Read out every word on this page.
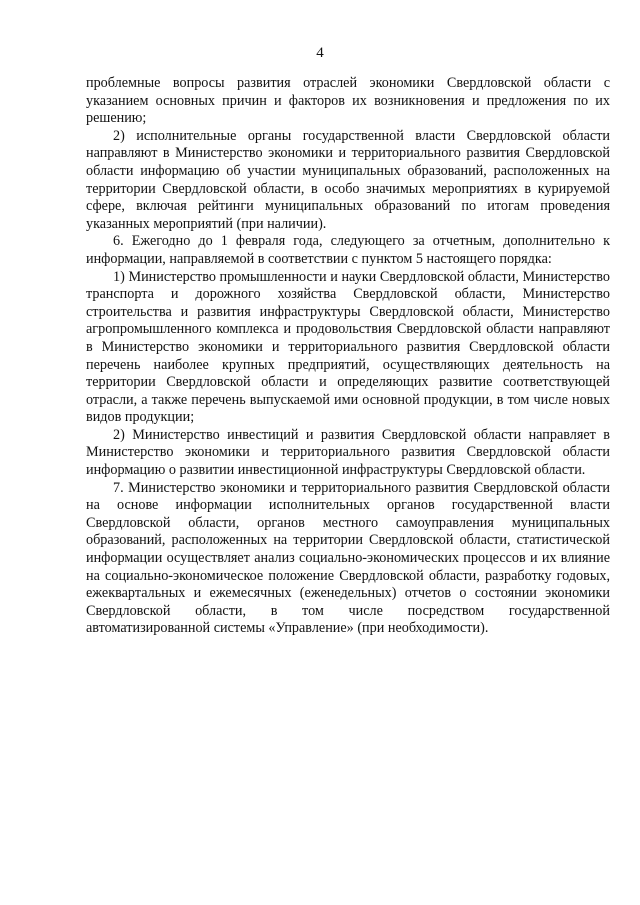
4

проблемные вопросы развития отраслей экономики Свердловской области с указанием основных причин и факторов их возникновения и предложения по их решению;

2) исполнительные органы государственной власти Свердловской области направляют в Министерство экономики и территориального развития Свердловской области информацию об участии муниципальных образований, расположенных на территории Свердловской области, в особо значимых мероприятиях в курируемой сфере, включая рейтинги муниципальных образований по итогам проведения указанных мероприятий (при наличии).

6. Ежегодно до 1 февраля года, следующего за отчетным, дополнительно к информации, направляемой в соответствии с пунктом 5 настоящего порядка:

1) Министерство промышленности и науки Свердловской области, Министерство транспорта и дорожного хозяйства Свердловской области, Министерство строительства и развития инфраструктуры Свердловской области, Министерство агропромышленного комплекса и продовольствия Свердловской области направляют в Министерство экономики и территориального развития Свердловской области перечень наиболее крупных предприятий, осуществляющих деятельность на территории Свердловской области и определяющих развитие соответствующей отрасли, а также перечень выпускаемой ими основной продукции, в том числе новых видов продукции;

2) Министерство инвестиций и развития Свердловской области направляет в Министерство экономики и территориального развития Свердловской области информацию о развитии инвестиционной инфраструктуры Свердловской области.

7. Министерство экономики и территориального развития Свердловской области на основе информации исполнительных органов государственной власти Свердловской области, органов местного самоуправления муниципальных образований, расположенных на территории Свердловской области, статистической информации осуществляет анализ социально-экономических процессов и их влияние на социально-экономическое положение Свердловской области, разработку годовых, ежеквартальных и ежемесячных (еженедельных) отчетов о состоянии экономики Свердловской области, в том числе посредством государственной автоматизированной системы «Управление» (при необходимости).
